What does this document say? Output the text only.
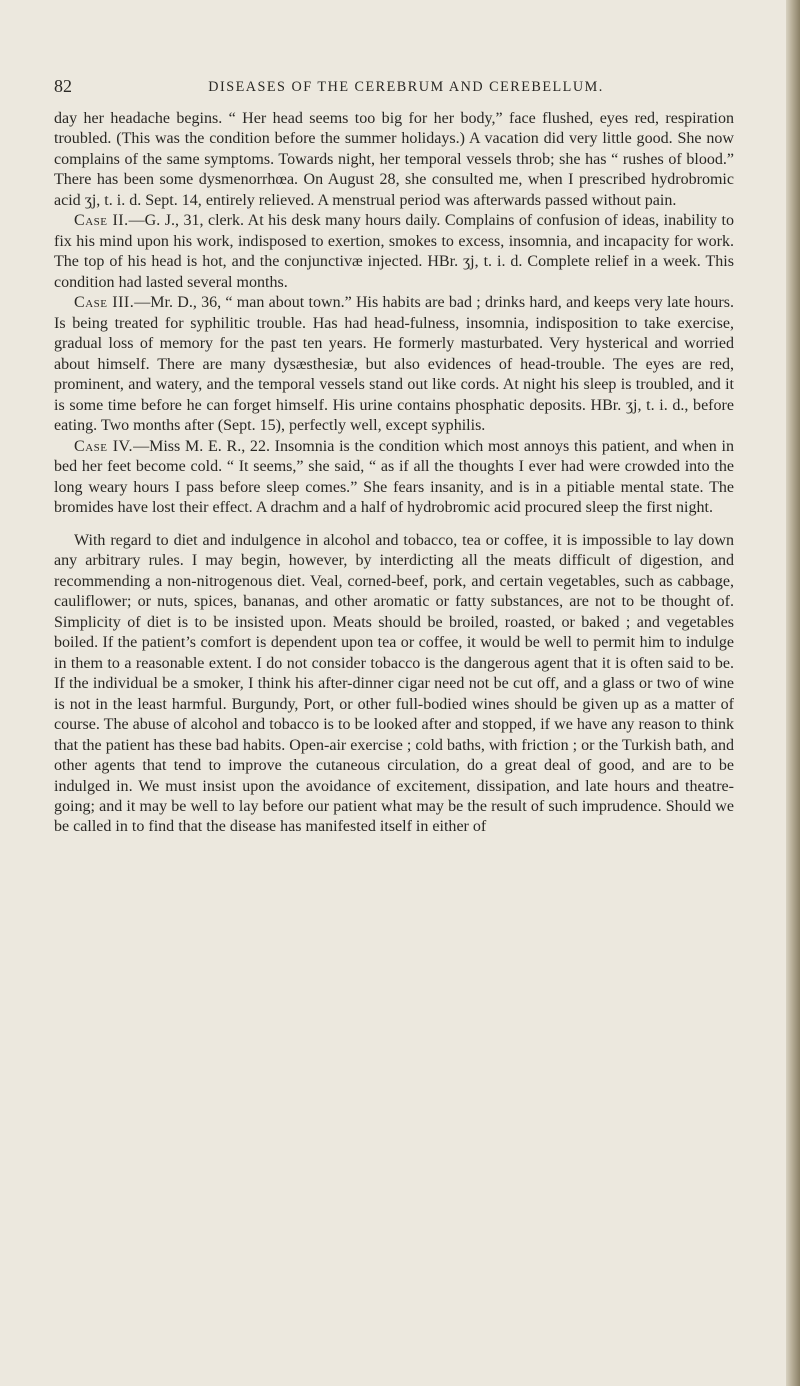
82	DISEASES OF THE CEREBRUM AND CEREBELLUM.

day her headache begins. “ Her head seems too big for her body,” face flushed, eyes red, respiration troubled. (This was the condition before the summer holidays.) A vacation did very little good. She now complains of the same symptoms. Towards night, her temporal vessels throb; she has “ rushes of blood.” There has been some dysmenorrhœa. On August 28, she consulted me, when I prescribed hydrobromic acid ʒj, t. i. d. Sept. 14, entirely relieved. A menstrual period was afterwards passed without pain.

Case II.—G. J., 31, clerk. At his desk many hours daily. Complains of confusion of ideas, inability to fix his mind upon his work, indisposed to exertion, smokes to excess, insomnia, and incapacity for work. The top of his head is hot, and the conjunctivæ injected. HBr. ʒj, t. i. d. Complete relief in a week. This condition had lasted several months.

Case III.—Mr. D., 36, “ man about town.” His habits are bad ; drinks hard, and keeps very late hours. Is being treated for syphilitic trouble. Has had head-fulness, insomnia, indisposition to take exercise, gradual loss of memory for the past ten years. He formerly masturbated. Very hysterical and worried about himself. There are many dysæsthesiæ, but also evidences of head-trouble. The eyes are red, prominent, and watery, and the temporal vessels stand out like cords. At night his sleep is troubled, and it is some time before he can forget himself. His urine contains phosphatic deposits. HBr. ʒj, t. i. d., before eating. Two months after (Sept. 15), perfectly well, except syphilis.

Case IV.—Miss M. E. R., 22. Insomnia is the condition which most annoys this patient, and when in bed her feet become cold. “ It seems,” she said, “ as if all the thoughts I ever had were crowded into the long weary hours I pass before sleep comes.” She fears insanity, and is in a pitiable mental state. The bromides have lost their effect. A drachm and a half of hydrobromic acid procured sleep the first night.

With regard to diet and indulgence in alcohol and tobacco, tea or coffee, it is impossible to lay down any arbitrary rules. I may begin, however, by interdicting all the meats difficult of digestion, and recommending a non-nitrogenous diet. Veal, corned-beef, pork, and certain vegetables, such as cabbage, cauliflower; or nuts, spices, bananas, and other aromatic or fatty substances, are not to be thought of. Simplicity of diet is to be insisted upon. Meats should be broiled, roasted, or baked ; and vegetables boiled. If the patient’s comfort is dependent upon tea or coffee, it would be well to permit him to indulge in them to a reasonable extent. I do not consider tobacco is the dangerous agent that it is often said to be. If the individual be a smoker, I think his after-dinner cigar need not be cut off, and a glass or two of wine is not in the least harmful. Burgundy, Port, or other full-bodied wines should be given up as a matter of course. The abuse of alcohol and tobacco is to be looked after and stopped, if we have any reason to think that the patient has these bad habits. Open-air exercise ; cold baths, with friction ; or the Turkish bath, and other agents that tend to improve the cutaneous circulation, do a great deal of good, and are to be indulged in. We must insist upon the avoidance of excitement, dissipation, and late hours and theatre-going; and it may be well to lay before our patient what may be the result of such imprudence. Should we be called in to find that the disease has manifested itself in either of
